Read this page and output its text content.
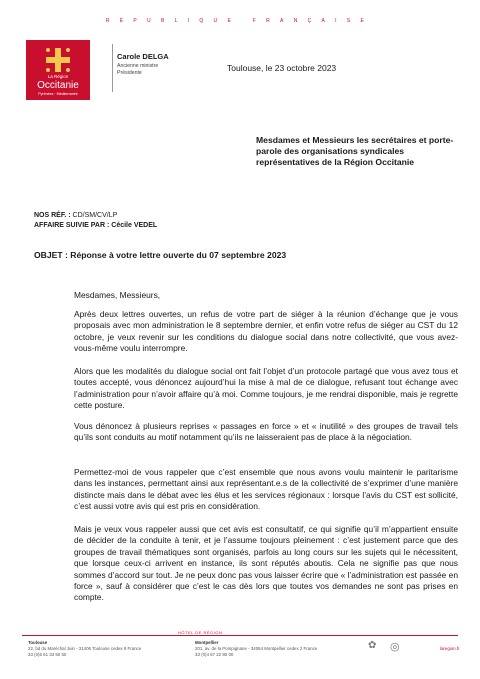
RÉPUBLIQUE FRANÇAISE
La Région
Occitanie
Pyrénées · Méditerranée
Carole DELGA
Ancienne ministre
Présidente	Toulouse, le 23 octobre 2023
Mesdames et Messieurs les secrétaires et porte-parole des organisations syndicales représentatives de la Région Occitanie
NOS RÉF. : CD/SM/CV/LP
AFFAIRE SUIVIE PAR : Cécile VEDEL
OBJET : Réponse à votre lettre ouverte du 07 septembre 2023
Mesdames, Messieurs,

Après deux lettres ouvertes, un refus de votre part de siéger à la réunion d’échange que je vous proposais avec mon administration le 8 septembre dernier, et enfin votre refus de siéger au CST du 12 octobre, je veux revenir sur les conditions du dialogue social dans notre collectivité, que vous avez-vous-même voulu interrompre.

Alors que les modalités du dialogue social ont fait l’objet d’un protocole partagé que vous avez tous et toutes accepté, vous dénoncez aujourd’hui la mise à mal de ce dialogue, refusant tout échange avec l’administration pour n’avoir affaire qu’à moi. Comme toujours, je me rendrai disponible, mais je regrette cette posture.

Vous dénoncez à plusieurs reprises « passages en force » et « inutilité » des groupes de travail tels qu’ils sont conduits au motif notamment qu’ils ne laisseraient pas de place à la négociation.

Permettez-moi de vous rappeler que c’est ensemble que nous avons voulu maintenir le paritarisme dans les instances, permettant ainsi aux représentant.e.s de la collectivité de s’exprimer d’une manière distincte mais dans le débat avec les élus et les services régionaux : lorsque l’avis du CST est sollicité, c’est aussi votre avis qui est pris en considération.

Mais je veux vous rappeler aussi que cet avis est consultatif, ce qui signifie qu’il m’appartient ensuite de décider de la conduite à tenir, et je l’assume toujours pleinement : c’est justement parce que des groupes de travail thématiques sont organisés, parfois au long cours sur les sujets qui le nécessitent, que lorsque ceux-ci arrivent en instance, ils sont réputés aboutis. Cela ne signifie pas que nous sommes d’accord sur tout. Je ne peux donc pas vous laisser écrire que « l’administration est passée en force », sauf à considérer que c’est le cas dès lors que toutes vos demandes ne sont pas prises en compte.

HÔTEL DE RÉGION
Toulouse
22, bd du Maréchal Juin - 31406 Toulouse cedex 9 France
33 (0)5 61 33 50 50
Montpellier
201, av. de la Pompignane - 34064 Montpellier cedex 2 France
33 (0)4 67 22 80 00
✿ ◎	laregion.fr
